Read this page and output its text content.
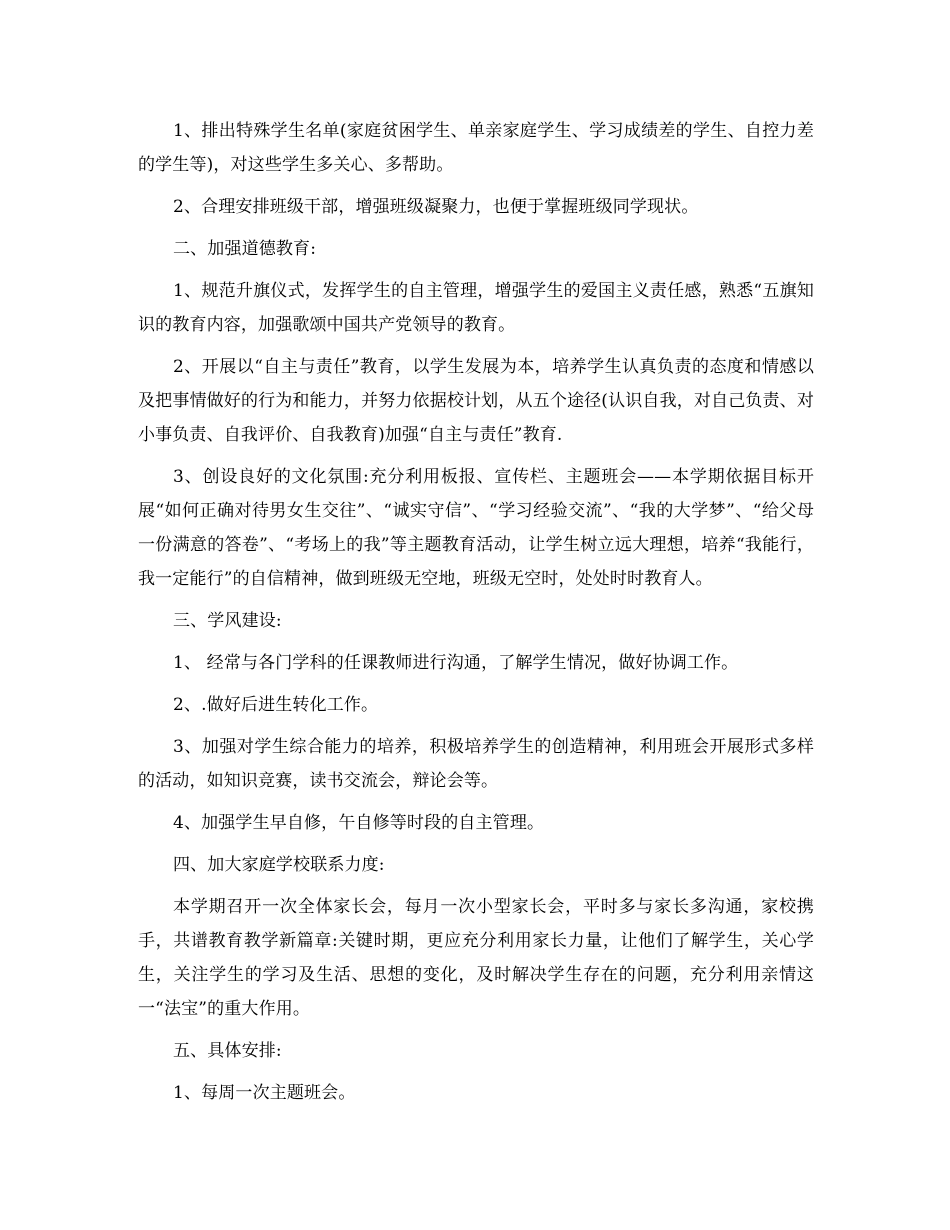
1、排出特殊学生名单(家庭贫困学生、单亲家庭学生、学习成绩差的学生、自控力差的学生等)，对这些学生多关心、多帮助。

2、合理安排班级干部，增强班级凝聚力，也便于掌握班级同学现状。

二、加强道德教育:

1、规范升旗仪式，发挥学生的自主管理，增强学生的爱国主义责任感，熟悉“五旗知识的教育内容，加强歌颂中国共产党领导的教育。

2、开展以“自主与责任”教育，以学生发展为本，培养学生认真负责的态度和情感以及把事情做好的行为和能力，并努力依据校计划，从五个途径(认识自我，对自己负责、对小事负责、自我评价、自我教育)加强“自主与责任”教育.

3、创设良好的文化氛围:充分利用板报、宣传栏、主题班会——本学期依据目标开展“如何正确对待男女生交往”、“诚实守信”、“学习经验交流”、“我的大学梦”、“给父母一份满意的答卷”、“考场上的我”等主题教育活动，让学生树立远大理想，培养“我能行，我一定能行”的自信精神，做到班级无空地，班级无空时，处处时时教育人。

三、学风建设:

1、 经常与各门学科的任课教师进行沟通，了解学生情况，做好协调工作。

2、.做好后进生转化工作。

3、加强对学生综合能力的培养，积极培养学生的创造精神，利用班会开展形式多样的活动，如知识竞赛，读书交流会，辩论会等。

4、加强学生早自修，午自修等时段的自主管理。

四、加大家庭学校联系力度:

本学期召开一次全体家长会，每月一次小型家长会，平时多与家长多沟通，家校携手，共谱教育教学新篇章:关键时期，更应充分利用家长力量，让他们了解学生，关心学生，关注学生的学习及生活、思想的变化，及时解决学生存在的问题，充分利用亲情这一“法宝”的重大作用。

五、具体安排:

1、每周一次主题班会。
